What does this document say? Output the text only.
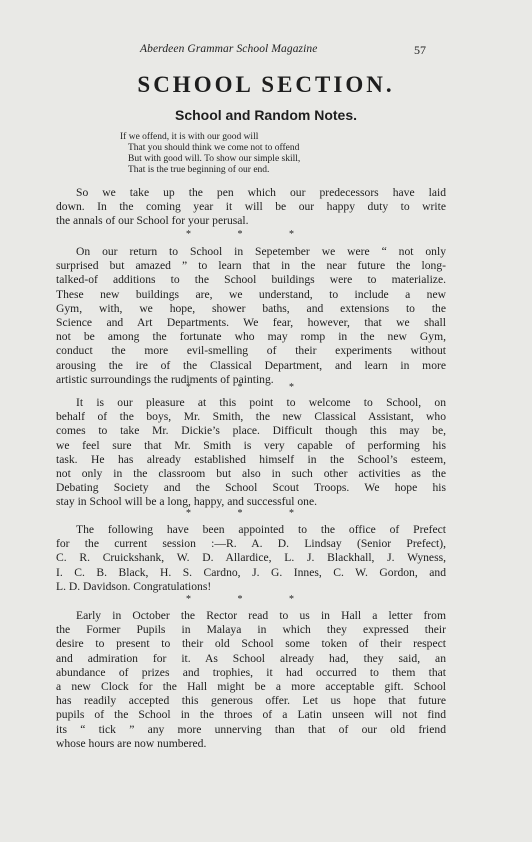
Aberdeen Grammar School Magazine	57
SCHOOL SECTION.
School and Random Notes.
If we offend, it is with our good will
That you should think we come not to offend
But with good will. To show our simple skill,
That is the true beginning of our end.
So we take up the pen which our predecessors have laid
down. In the coming year it will be our happy duty to write
the annals of our School for your perusal.
* * *
On our return to School in Sepetember we were “ not only
surprised but amazed ” to learn that in the near future the long-
talked-of additions to the School buildings were to materialize.
These new buildings are, we understand, to include a new
Gym, with, we hope, shower baths, and extensions to the
Science and Art Departments. We fear, however, that we shall
not be among the fortunate who may romp in the new Gym,
conduct the more evil-smelling of their experiments without
arousing the ire of the Classical Department, and learn in more
artistic surroundings the rudiments of painting.
* * *
It is our pleasure at this point to welcome to School, on
behalf of the boys, Mr. Smith, the new Classical Assistant, who
comes to take Mr. Dickie’s place. Difficult though this may be,
we feel sure that Mr. Smith is very capable of performing his
task. He has already established himself in the School’s esteem,
not only in the classroom but also in such other activities as the
Debating Society and the School Scout Troops. We hope his
stay in School will be a long, happy, and successful one.
* * *
The following have been appointed to the office of Prefect
for the current session :—R. A. D. Lindsay (Senior Prefect),
C. R. Cruickshank, W. D. Allardice, L. J. Blackhall, J. Wyness,
I. C. B. Black, H. S. Cardno, J. G. Innes, C. W. Gordon, and
L. D. Davidson. Congratulations!
* * *
Early in October the Rector read to us in Hall a letter from
the Former Pupils in Malaya in which they expressed their
desire to present to their old School some token of their respect
and admiration for it. As School already had, they said, an
abundance of prizes and trophies, it had occurred to them that
a new Clock for the Hall might be a more acceptable gift. School
has readily accepted this generous offer. Let us hope that future
pupils of the School in the throes of a Latin unseen will not find
its “ tick ” any more unnerving than that of our old friend
whose hours are now numbered.
